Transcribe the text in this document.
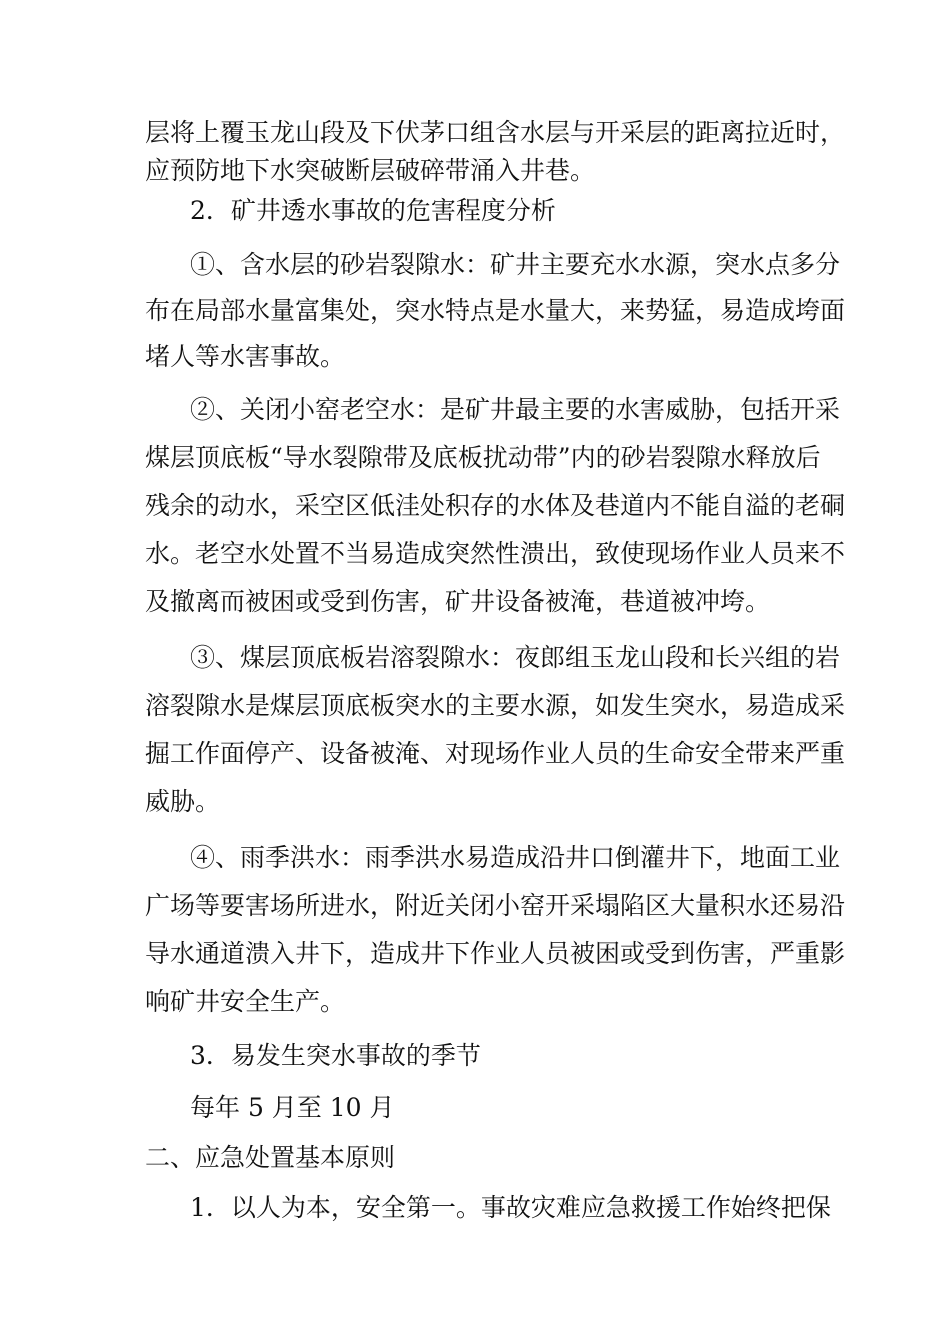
层将上覆玉龙山段及下伏茅口组含水层与开采层的距离拉近时，
应预防地下水突破断层破碎带涌入井巷。
2．矿井透水事故的危害程度分析
①、含水层的砂岩裂隙水：矿井主要充水水源，突水点多分
布在局部水量富集处，突水特点是水量大，来势猛，易造成垮面
堵人等水害事故。
②、关闭小窑老空水：是矿井最主要的水害威胁，包括开采
煤层顶底板“导水裂隙带及底板扰动带”内的砂岩裂隙水释放后
残余的动水，采空区低洼处积存的水体及巷道内不能自溢的老硐
水。老空水处置不当易造成突然性溃出，致使现场作业人员来不
及撤离而被困或受到伤害，矿井设备被淹，巷道被冲垮。
③、煤层顶底板岩溶裂隙水：夜郎组玉龙山段和长兴组的岩
溶裂隙水是煤层顶底板突水的主要水源，如发生突水，易造成采
掘工作面停产、设备被淹、对现场作业人员的生命安全带来严重
威胁。
④、雨季洪水：雨季洪水易造成沿井口倒灌井下，地面工业
广场等要害场所进水，附近关闭小窑开采塌陷区大量积水还易沿
导水通道溃入井下，造成井下作业人员被困或受到伤害，严重影
响矿井安全生产。
3．易发生突水事故的季节
每年 5 月至 10 月
二、应急处置基本原则
1．以人为本，安全第一。事故灾难应急救援工作始终把保
